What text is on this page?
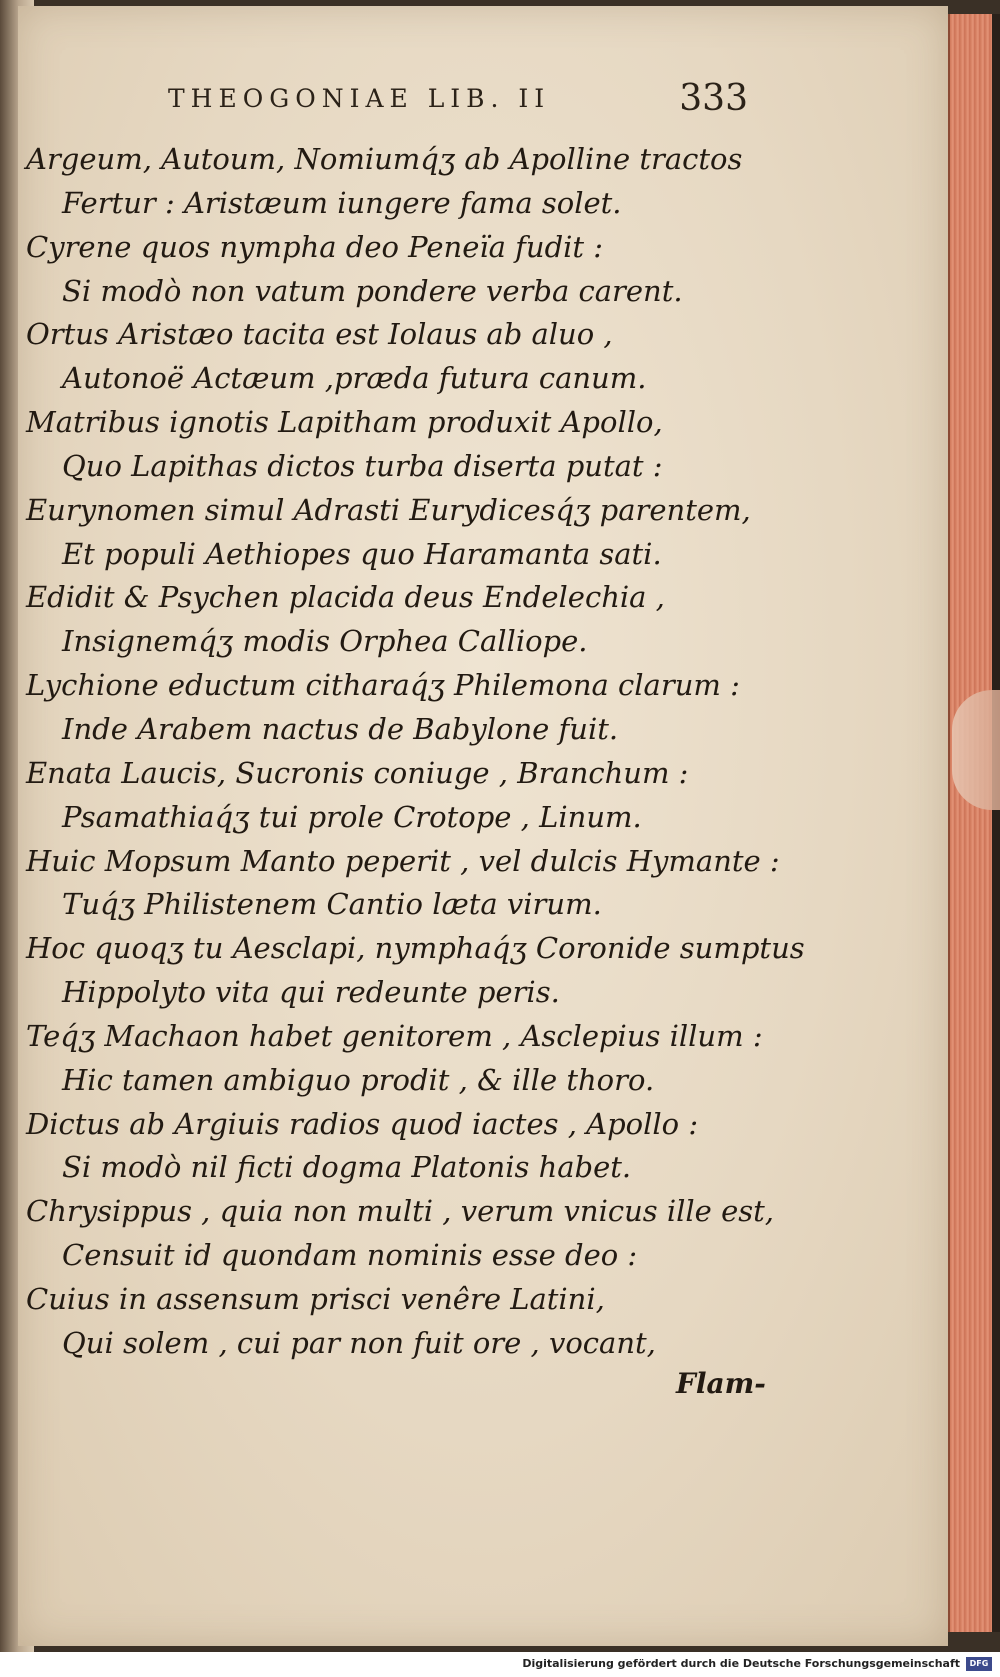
THEOGONIAE LIB. II	333
Argeum, Autoum, Nomiumq́ʒ ab Apolline tractos
Fertur : Aristæum iungere fama solet.
Cyrene quos nympha deo Peneïa fudit :
Si modò non vatum pondere verba carent.
Ortus Aristæo tacita est Iolaus ab aluo ,
Autonoë Actæum ,præda futura canum.
Matribus ignotis Lapitham produxit Apollo,
Quo Lapithas dictos turba diserta putat :
Eurynomen simul Adrasti Eurydicesq́ʒ parentem,
Et populi Aethiopes quo Haramanta sati.
Edidit & Psychen placida deus Endelechia ,
Insignemq́ʒ modis Orphea Calliope.
Lychione eductum citharaq́ʒ Philemona clarum :
Inde Arabem nactus de Babylone fuit.
Enata Laucis, Sucronis coniuge , Branchum :
Psamathiaq́ʒ tui prole Crotope , Linum.
Huic Mopsum Manto peperit , vel dulcis Hymante :
Tuq́ʒ Philistenem Cantio læta virum.
Hoc quoqʒ tu Aesclapi, nymphaq́ʒ Coronide sumptus
Hippolyto vita qui redeunte peris.
Teq́ʒ Machaon habet genitorem , Asclepius illum :
Hic tamen ambiguo prodit , & ille thoro.
Dictus ab Argiuis radios quod iactes , Apollo :
Si modò nil ficti dogma Platonis habet.
Chrysippus , quia non multi , verum vnicus ille est,
Censuit id quondam nominis esse deo :
Cuius in assensum prisci venêre Latini,
Qui solem , cui par non fuit ore , vocant,
Flam-
Digitalisierung gefördert durch die Deutsche Forschungsgemeinschaft	DFG
